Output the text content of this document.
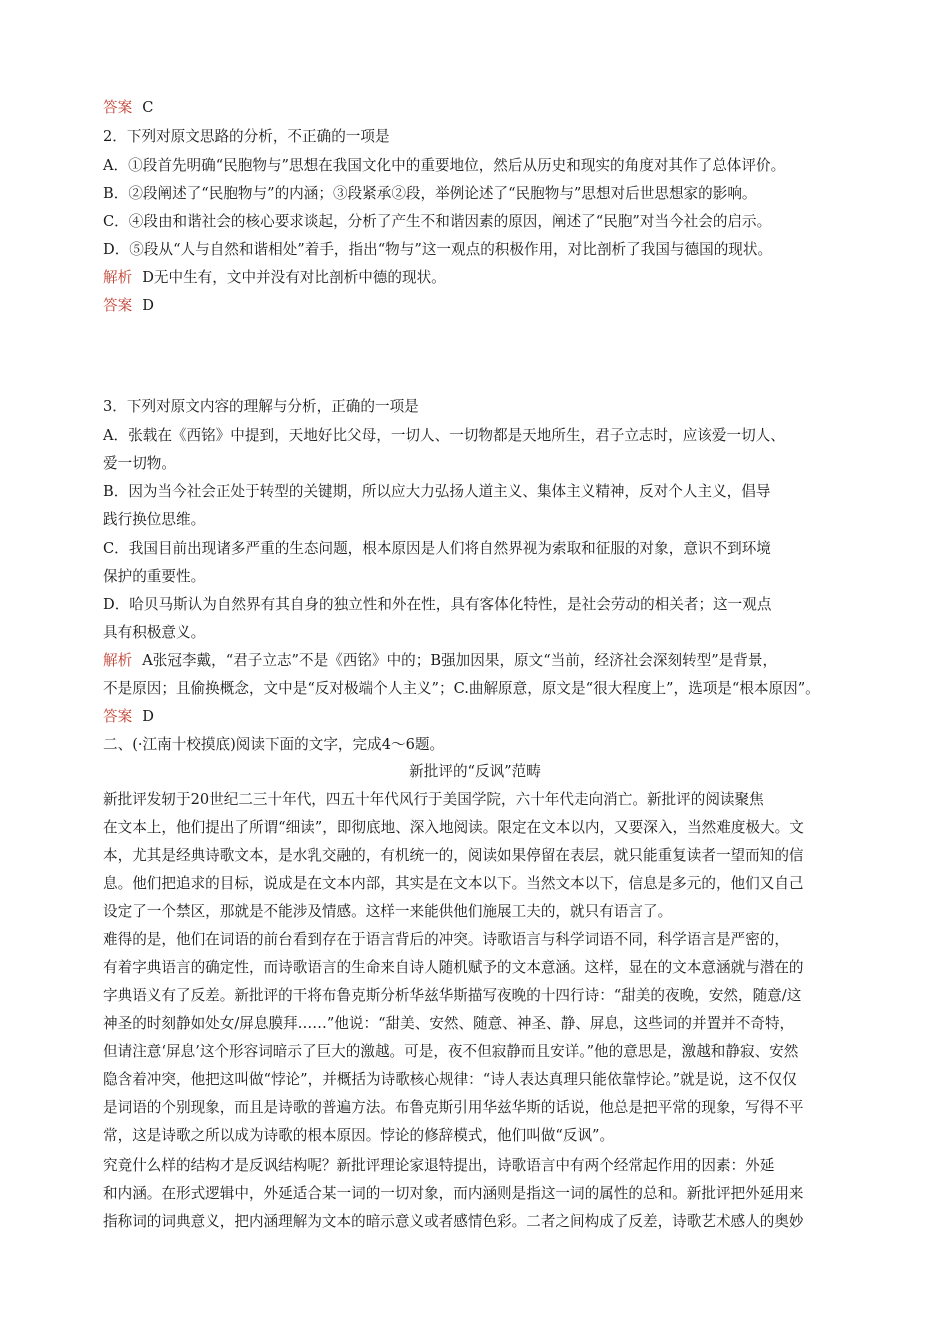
答案 C
2．下列对原文思路的分析，不正确的一项是
A．①段首先明确“民胞物与”思想在我国文化中的重要地位，然后从历史和现实的角度对其作了总体评价。
B．②段阐述了“民胞物与”的内涵；③段紧承②段，举例论述了“民胞物与”思想对后世思想家的影响。
C．④段由和谐社会的核心要求谈起，分析了产生不和谐因素的原因，阐述了“民胞”对当今社会的启示。
D．⑤段从“人与自然和谐相处”着手，指出“物与”这一观点的积极作用，对比剖析了我国与德国的现状。
解析 D无中生有，文中并没有对比剖析中德的现状。
答案 D
3．下列对原文内容的理解与分析，正确的一项是
A．张载在《西铭》中提到，天地好比父母，一切人、一切物都是天地所生，君子立志时，应该爱一切人、
爱一切物。
B．因为当今社会正处于转型的关键期，所以应大力弘扬人道主义、集体主义精神，反对个人主义，倡导
践行换位思维。
C．我国目前出现诸多严重的生态问题，根本原因是人们将自然界视为索取和征服的对象，意识不到环境
保护的重要性。
D．哈贝马斯认为自然界有其自身的独立性和外在性，具有客体化特性，是社会劳动的相关者；这一观点
具有积极意义。
解析 A张冠李戴，“君子立志”不是《西铭》中的；B强加因果，原文“当前，经济社会深刻转型”是背景，
不是原因；且偷换概念，文中是“反对极端个人主义”；C.曲解原意，原文是“很大程度上”，选项是“根本原因”。
答案 D
二、(·江南十校摸底)阅读下面的文字，完成4～6题。
新批评的“反讽”范畴
新批评发轫于20世纪二三十年代，四五十年代风行于美国学院，六十年代走向消亡。新批评的阅读聚焦
在文本上，他们提出了所谓“细读”，即彻底地、深入地阅读。限定在文本以内，又要深入，当然难度极大。文
本，尤其是经典诗歌文本，是水乳交融的，有机统一的，阅读如果停留在表层，就只能重复读者一望而知的信
息。他们把追求的目标，说成是在文本内部，其实是在文本以下。当然文本以下，信息是多元的，他们又自己
设定了一个禁区，那就是不能涉及情感。这样一来能供他们施展工夫的，就只有语言了。
难得的是，他们在词语的前台看到存在于语言背后的冲突。诗歌语言与科学词语不同，科学语言是严密的，
有着字典语言的确定性，而诗歌语言的生命来自诗人随机赋予的文本意涵。这样，显在的文本意涵就与潜在的
字典语义有了反差。新批评的干将布鲁克斯分析华兹华斯描写夜晚的十四行诗：“甜美的夜晚，安然，随意/这
神圣的时刻静如处女/屏息膜拜……”他说：“甜美、安然、随意、神圣、静、屏息，这些词的并置并不奇特，
但请注意‘屏息’这个形容词暗示了巨大的激越。可是，夜不但寂静而且安详。”他的意思是，激越和静寂、安然
隐含着冲突，他把这叫做“悖论”，并概括为诗歌核心规律：“诗人表达真理只能依靠悖论。”就是说，这不仅仅
是词语的个别现象，而且是诗歌的普遍方法。布鲁克斯引用华兹华斯的话说，他总是把平常的现象，写得不平
常，这是诗歌之所以成为诗歌的根本原因。悖论的修辞模式，他们叫做“反讽”。
究竟什么样的结构才是反讽结构呢？新批评理论家退特提出，诗歌语言中有两个经常起作用的因素：外延
和内涵。在形式逻辑中，外延适合某一词的一切对象，而内涵则是指这一词的属性的总和。新批评把外延用来
指称词的词典意义，把内涵理解为文本的暗示意义或者感情色彩。二者之间构成了反差，诗歌艺术感人的奥妙
